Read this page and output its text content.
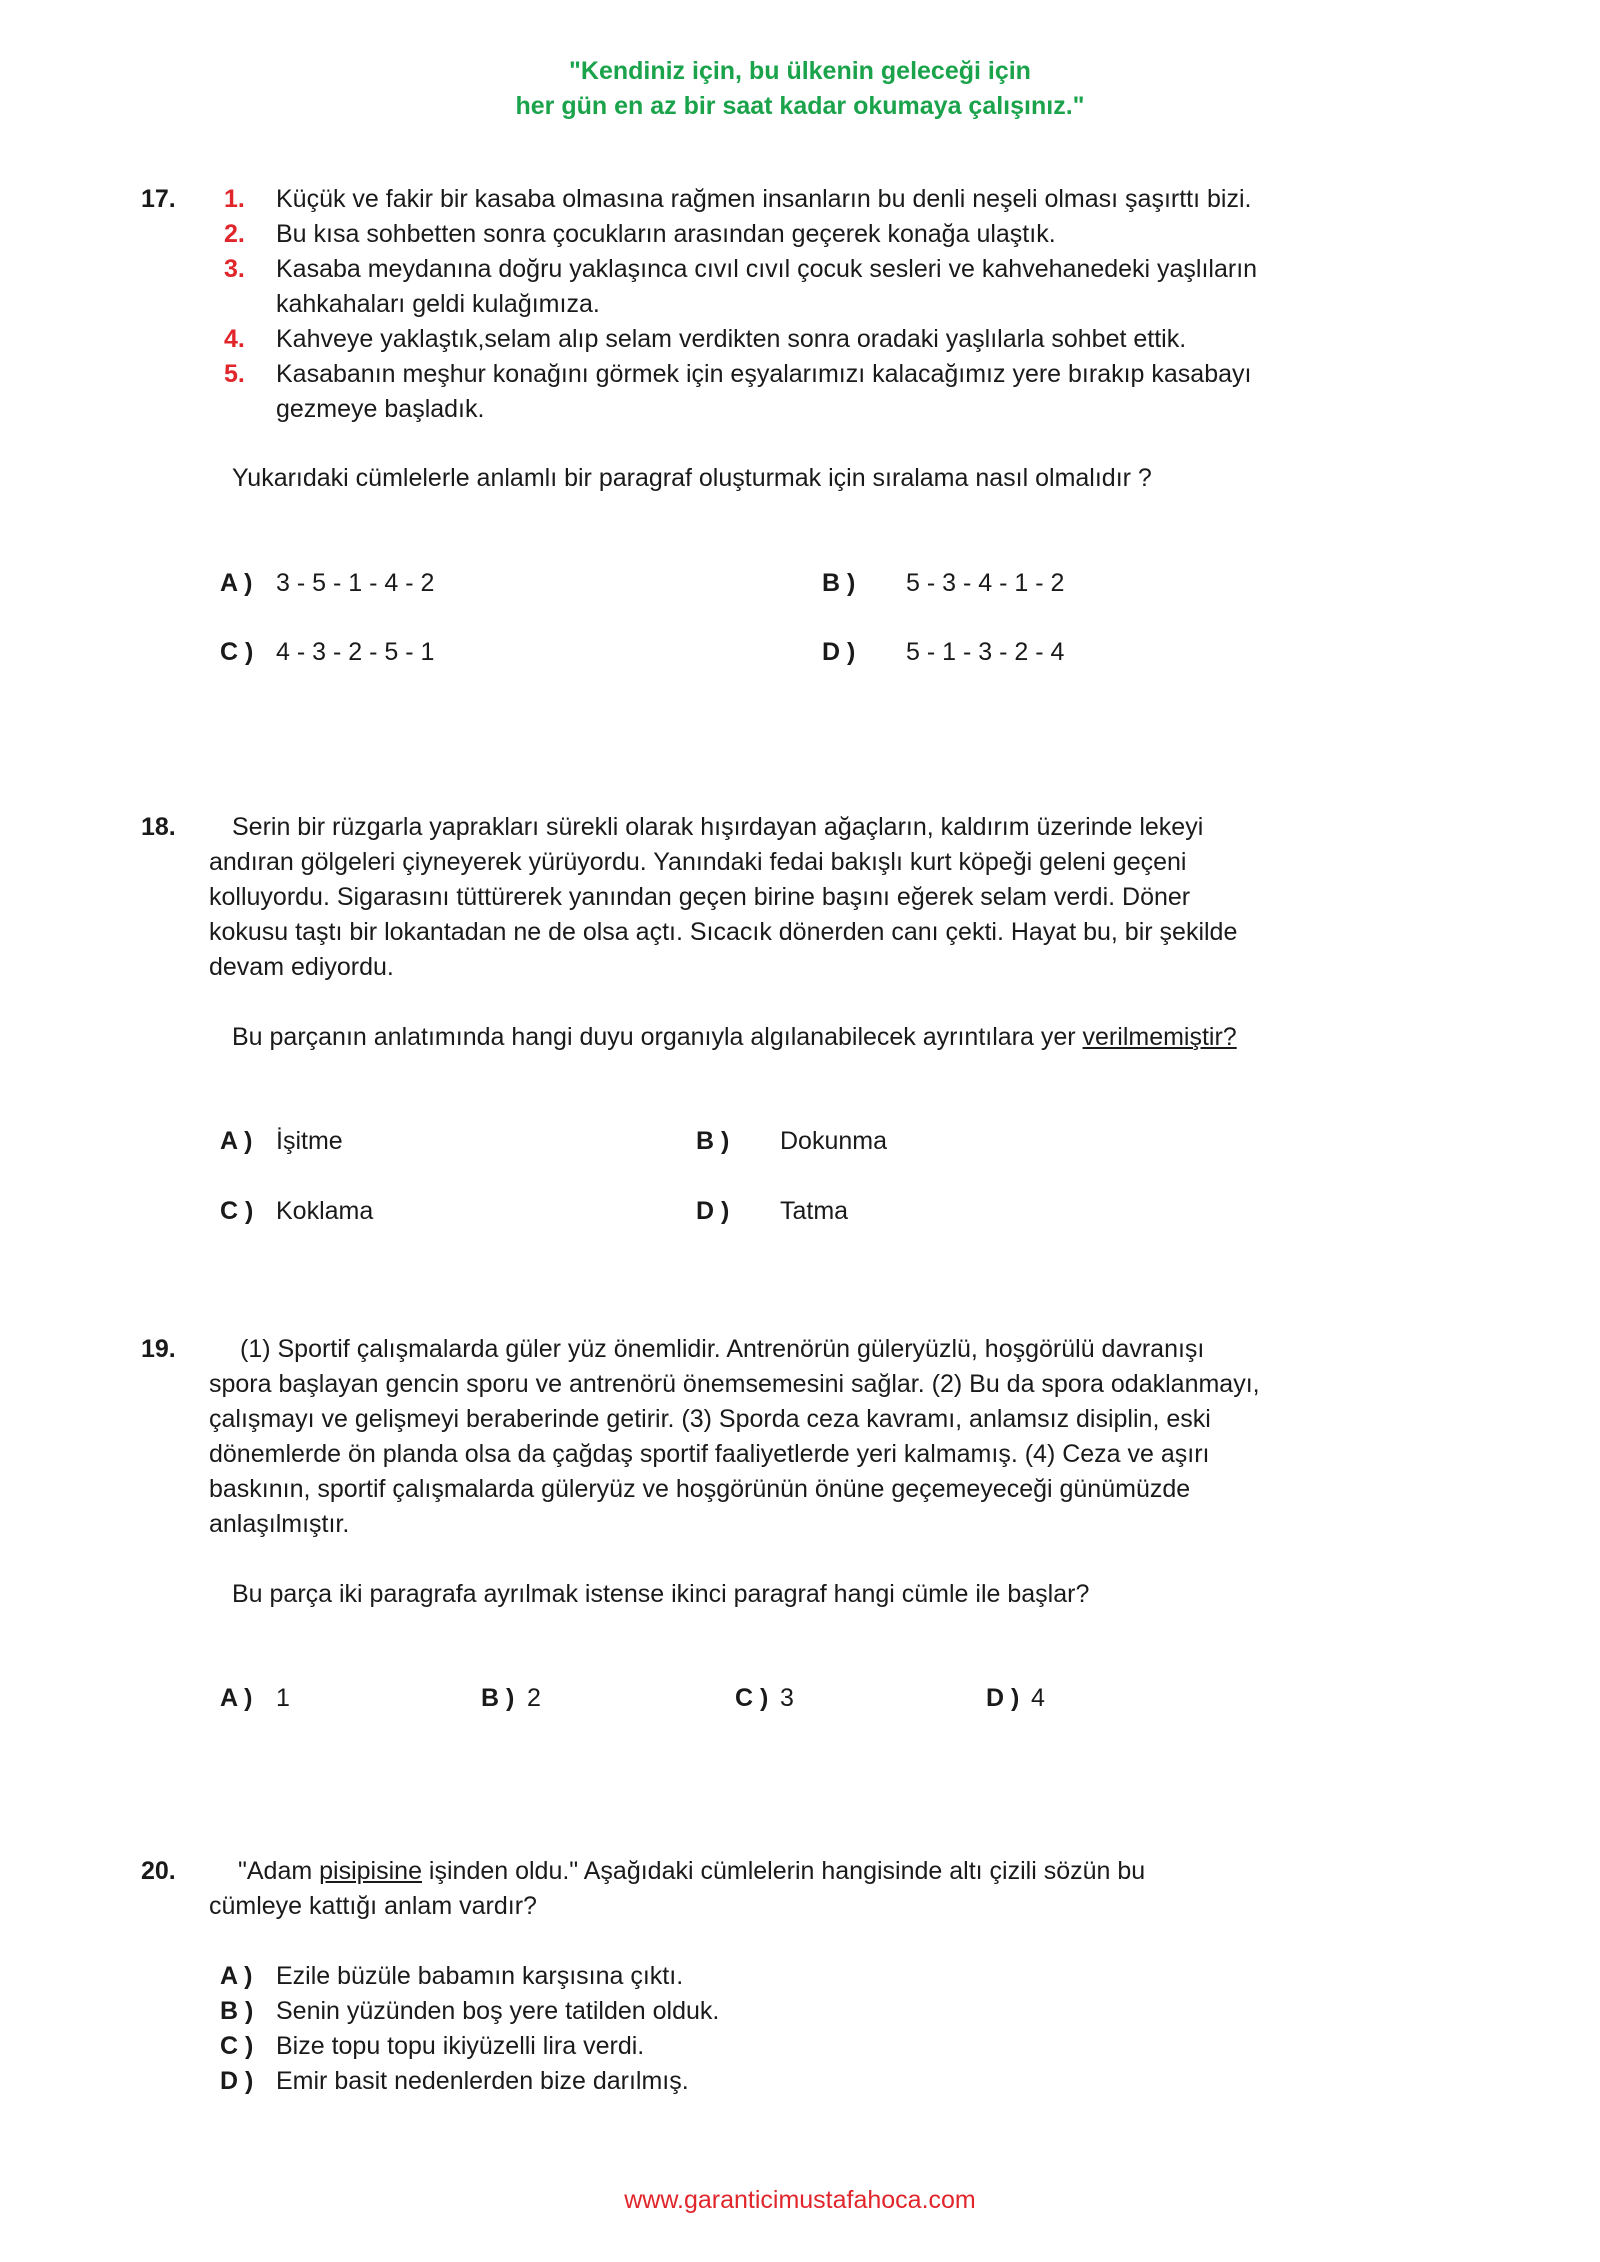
"Kendiniz için, bu ülkenin geleceği için
her gün en az bir saat kadar okumaya çalışınız."
17. 1. Küçük ve fakir bir kasaba olmasına rağmen insanların bu denli neşeli olması şaşırttı bizi.
2. Bu kısa sohbetten sonra çocukların arasından geçerek konağa ulaştık.
3. Kasaba meydanına doğru yaklaşınca cıvıl cıvıl çocuk sesleri ve kahvehanedeki yaşlıların
kahkahaları geldi kulağımıza.
4. Kahveye yaklaştık,selam alıp selam verdikten sonra oradaki yaşlılarla sohbet ettik.
5. Kasabanın meşhur konağını görmek için eşyalarımızı kalacağımız yere bırakıp kasabayı
gezmeye başladık.
Yukarıdaki cümlelerle anlamlı bir paragraf oluşturmak için sıralama nasıl olmalıdır ?
A ) 3 - 5 - 1 - 4 - 2	B ) 5 - 3 - 4 - 1 - 2
C ) 4 - 3 - 2 - 5 - 1	D ) 5 - 1 - 3 - 2 - 4
18. Serin bir rüzgarla yaprakları sürekli olarak hışırdayan ağaçların, kaldırım üzerinde lekeyi
andıran gölgeleri çiyneyerek yürüyordu. Yanındaki fedai bakışlı kurt köpeği geleni geçeni
kolluyordu. Sigarasını tüttürerek yanından geçen birine başını eğerek selam verdi. Döner
kokusu taştı bir lokantadan ne de olsa açtı. Sıcacık dönerden canı çekti. Hayat bu, bir şekilde
devam ediyordu.
Bu parçanın anlatımında hangi duyu organıyla algılanabilecek ayrıntılara yer verilmemiştir?
A ) İşitme	B ) Dokunma
C ) Koklama	D ) Tatma
19.	(1) Sportif çalışmalarda güler yüz önemlidir. Antrenörün güleryüzlü, hoşgörülü davranışı
spora başlayan gencin sporu ve antrenörü önemsemesini sağlar. (2) Bu da spora odaklanmayı,
çalışmayı ve gelişmeyi beraberinde getirir. (3) Sporda ceza kavramı, anlamsız disiplin, eski
dönemlerde ön planda olsa da çağdaş sportif faaliyetlerde yeri kalmamış. (4) Ceza ve aşırı
baskının, sportif çalışmalarda güleryüz ve hoşgörünün önüne geçemeyeceği günümüzde
anlaşılmıştır.
Bu parça iki paragrafa ayrılmak istense ikinci paragraf hangi cümle ile başlar?
A ) 1	B ) 2	C ) 3	D ) 4
20. "Adam pisipisine işinden oldu." Aşağıdaki cümlelerin hangisinde altı çizili sözün bu
cümleye kattığı anlam vardır?
A ) Ezile büzüle babamın karşısına çıktı.
B ) Senin yüzünden boş yere tatilden olduk.
C ) Bize topu topu ikiyüzelli lira verdi.
D ) Emir basit nedenlerden bize darılmış.
www.garanticimustafahoca.com
